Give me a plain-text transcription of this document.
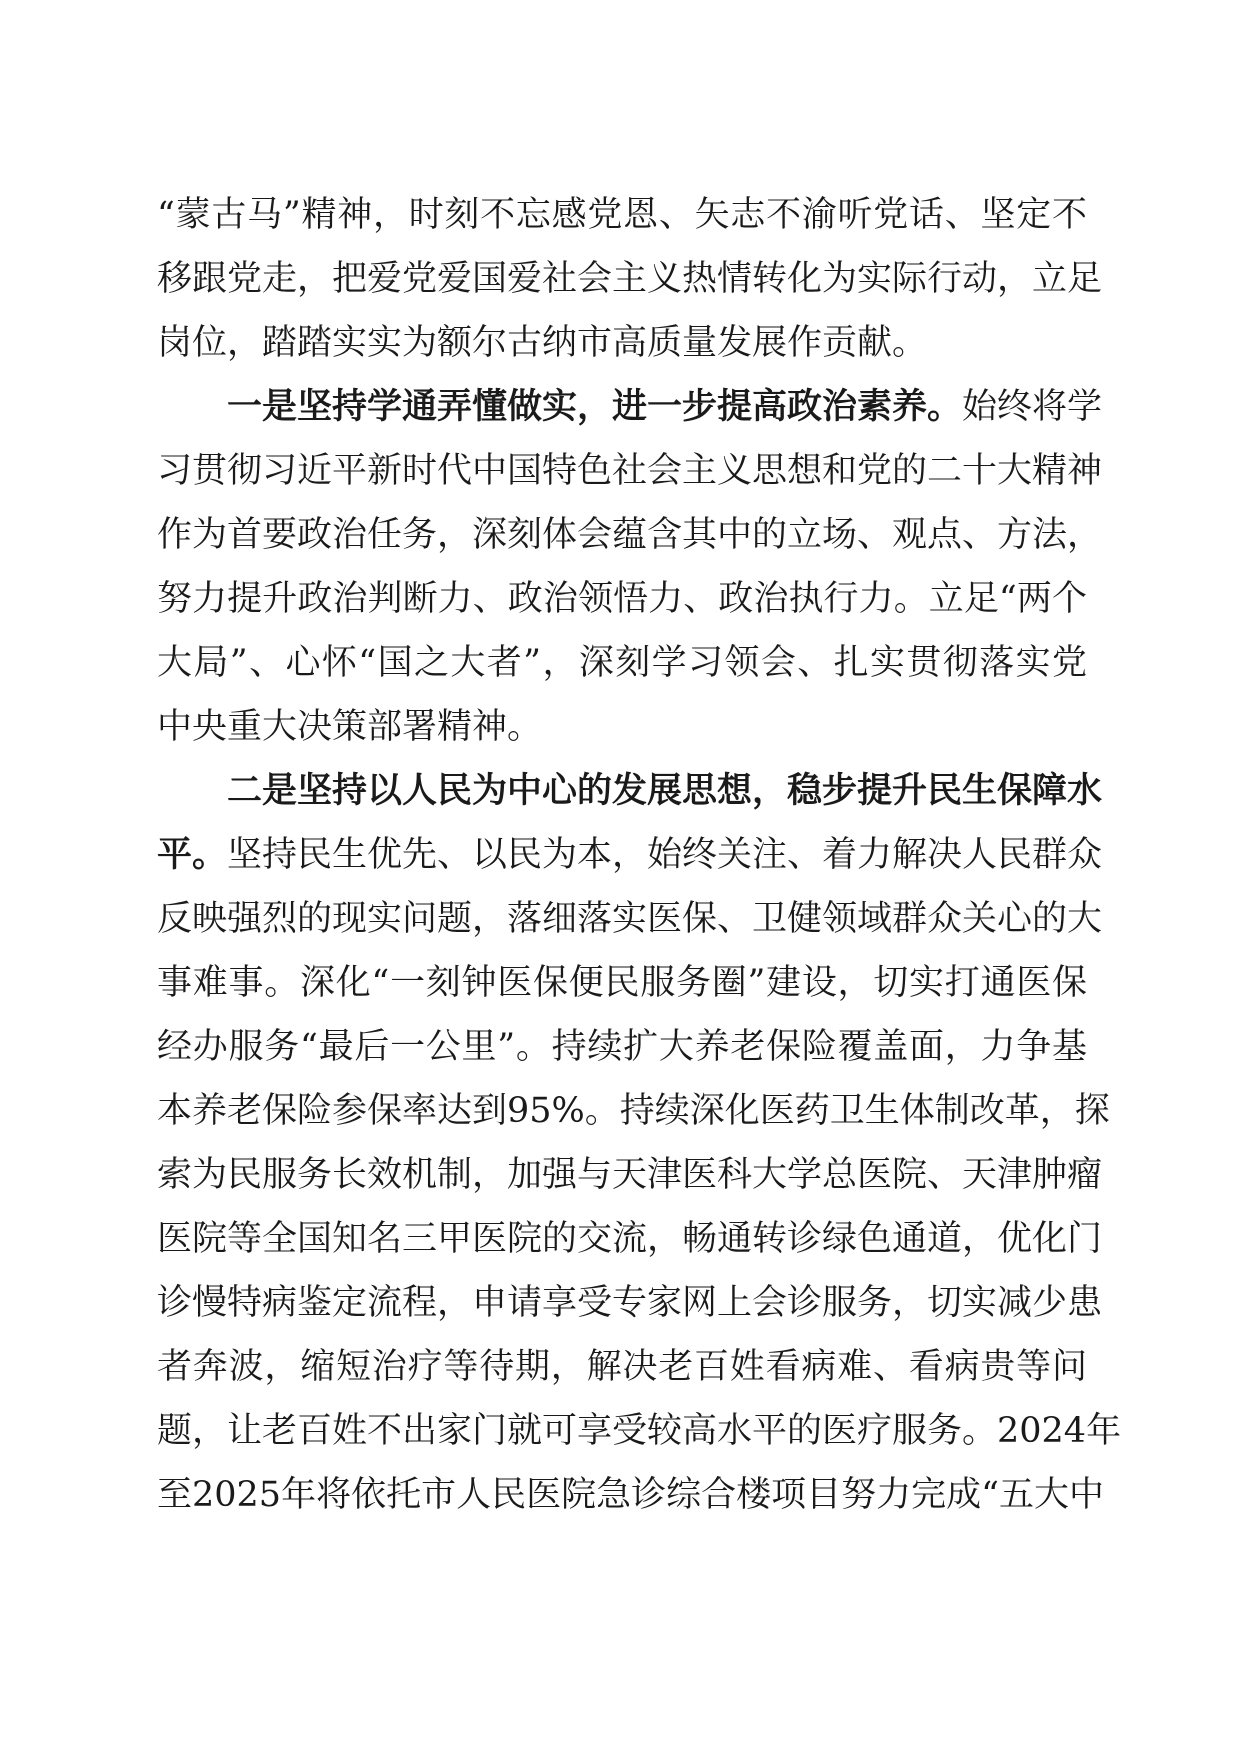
“蒙古马”精神，时刻不忘感党恩、矢志不渝听党话、坚定不
移跟党走，把爱党爱国爱社会主义热情转化为实际行动，立足
岗位，踏踏实实为额尔古纳市高质量发展作贡献。
一是坚持学通弄懂做实，进一步提高政治素养。始终将学
习贯彻习近平新时代中国特色社会主义思想和党的二十大精神
作为首要政治任务，深刻体会蕴含其中的立场、观点、方法，
努力提升政治判断力、政治领悟力、政治执行力。立足“两个
大局”、心怀“国之大者”，深刻学习领会、扎实贯彻落实党
中央重大决策部署精神。
二是坚持以人民为中心的发展思想，稳步提升民生保障水
平。坚持民生优先、以民为本，始终关注、着力解决人民群众
反映强烈的现实问题，落细落实医保、卫健领域群众关心的大
事难事。深化“一刻钟医保便民服务圈”建设，切实打通医保
经办服务“最后一公里”。持续扩大养老保险覆盖面，力争基
本养老保险参保率达到95%。持续深化医药卫生体制改革，探
索为民服务长效机制，加强与天津医科大学总医院、天津肿瘤
医院等全国知名三甲医院的交流，畅通转诊绿色通道，优化门
诊慢特病鉴定流程，申请享受专家网上会诊服务，切实减少患
者奔波，缩短治疗等待期，解决老百姓看病难、看病贵等问
题，让老百姓不出家门就可享受较高水平的医疗服务。2024年
至2025年将依托市人民医院急诊综合楼项目努力完成“五大中
